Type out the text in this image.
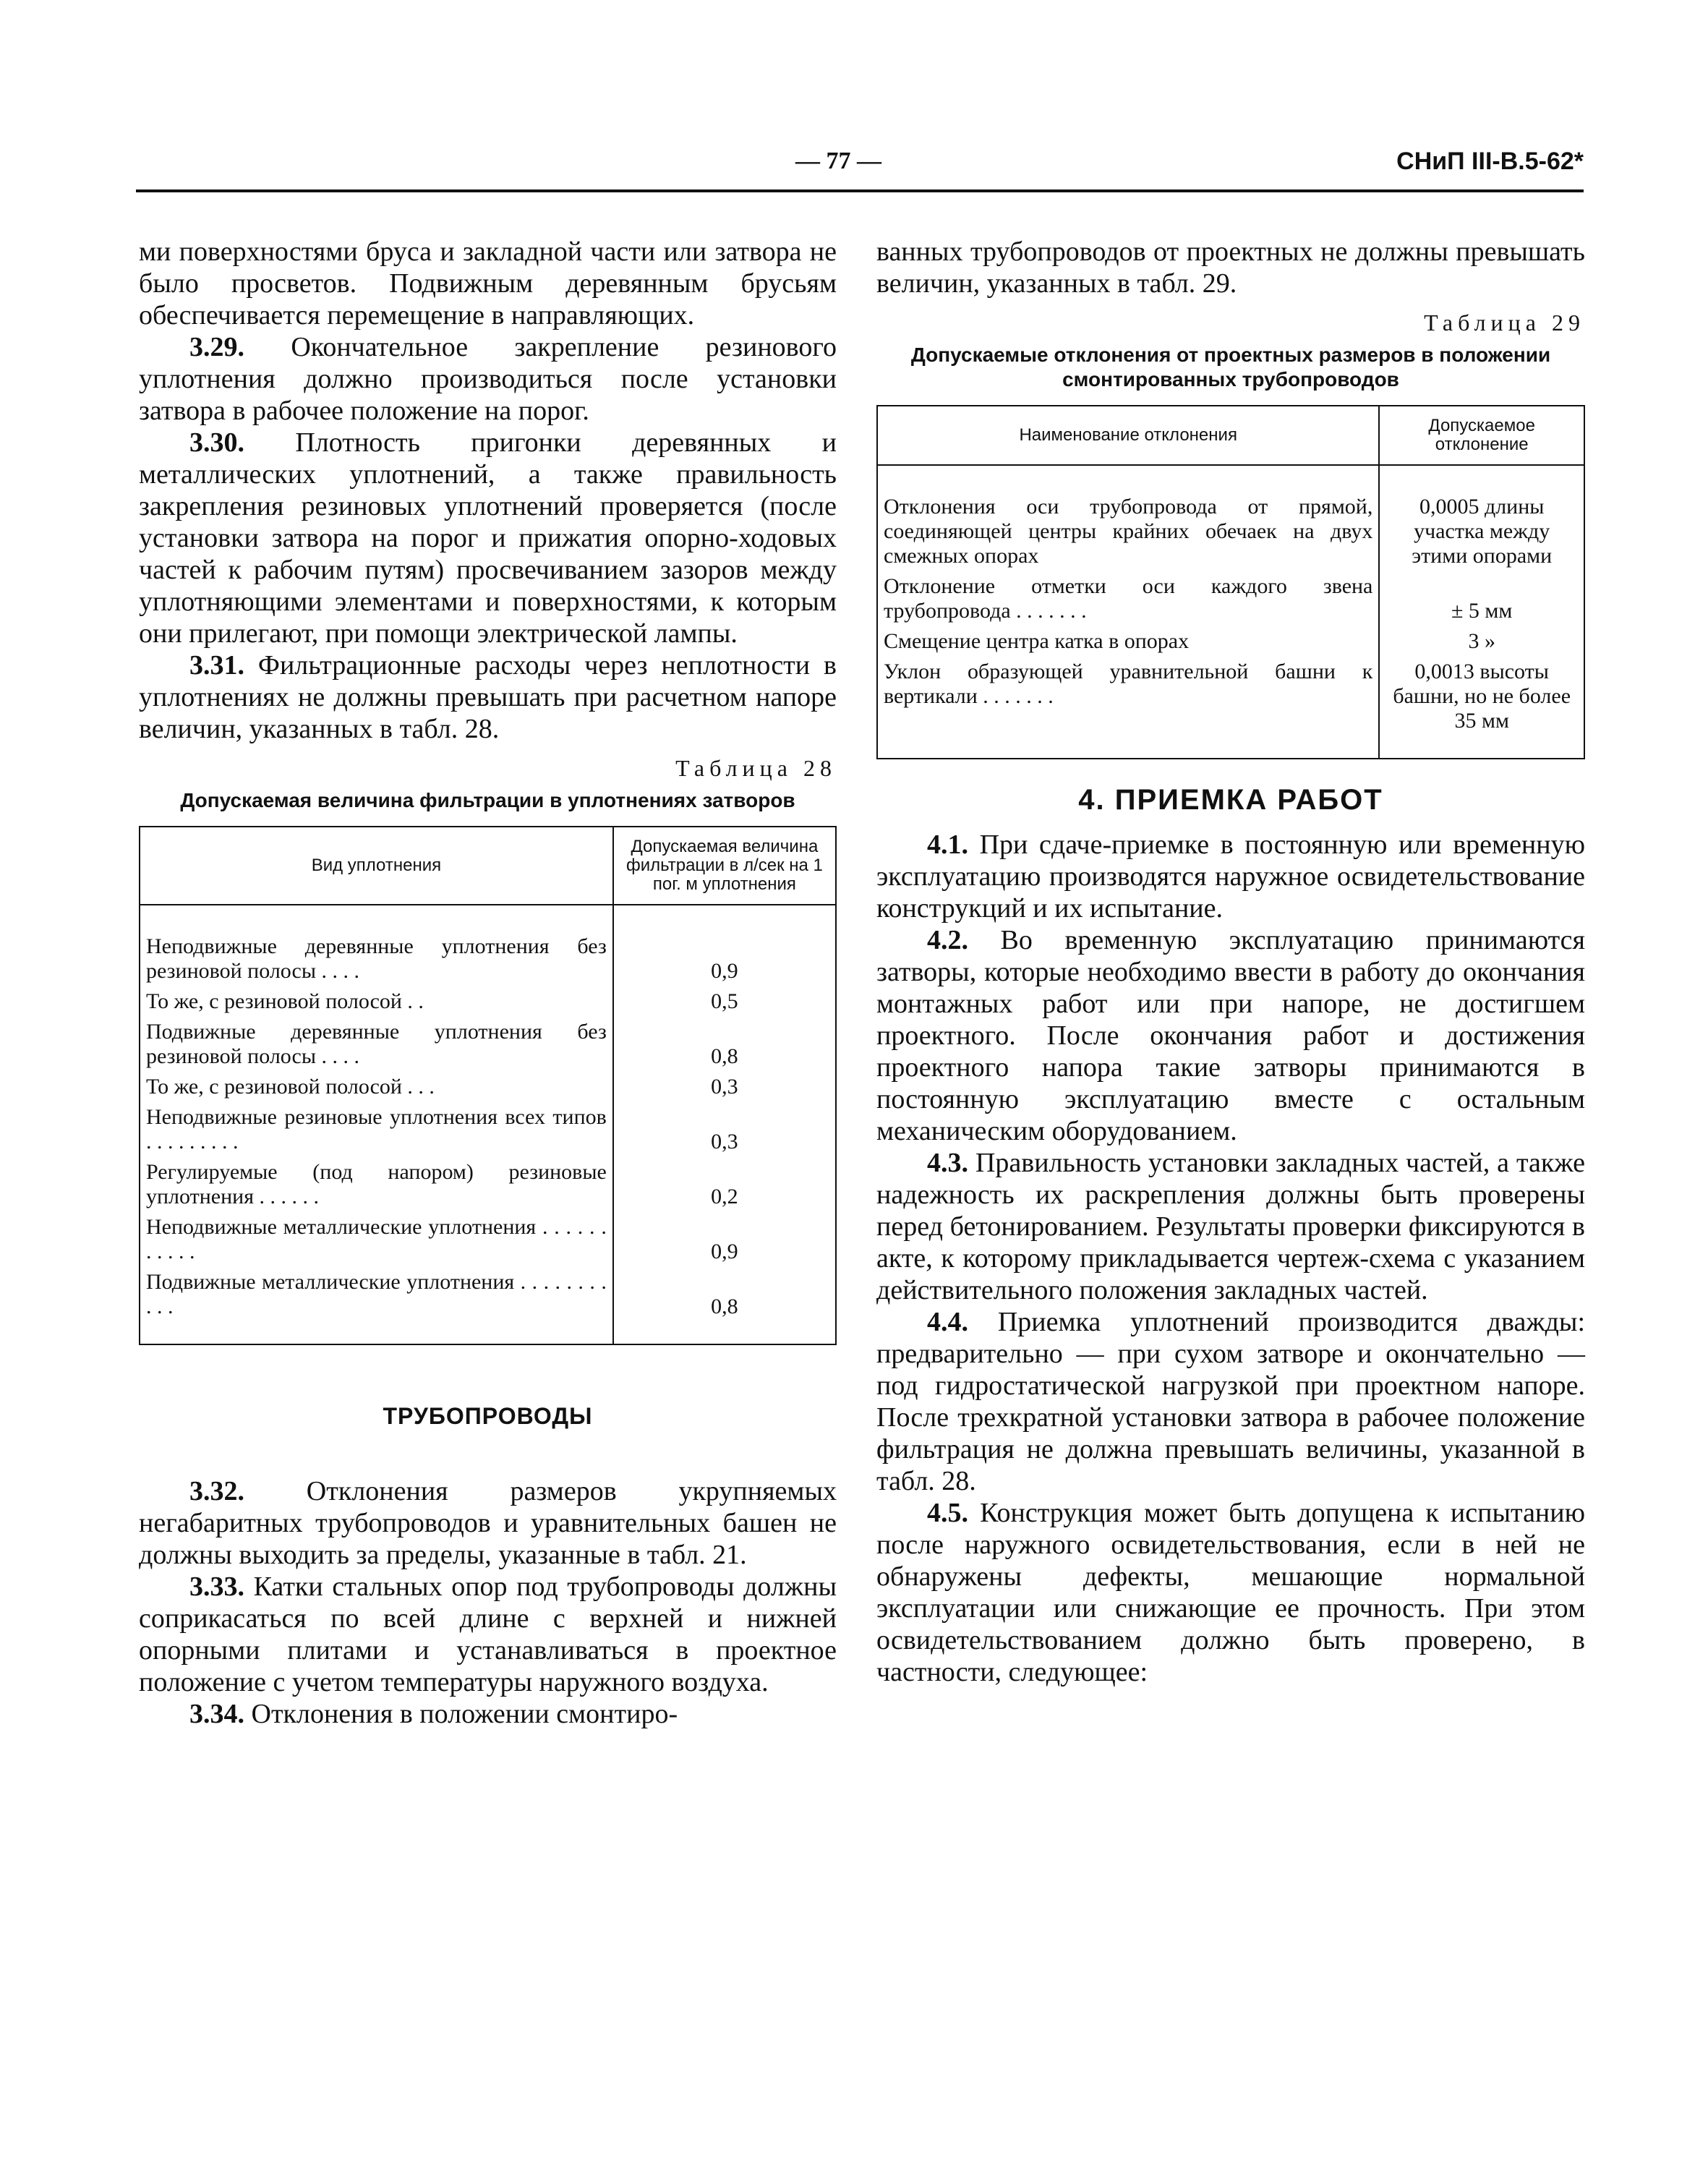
— 77 —	СНиП III-В.5-62*

ми поверхностями бруса и закладной части или затвора не было просветов. Подвижным деревянным брусьям обеспечивается перемещение в направляющих.

3.29. Окончательное закрепление резинового уплотнения должно производиться после установки затвора в рабочее положение на порог.

3.30. Плотность пригонки деревянных и металлических уплотнений, а также правильность закрепления резиновых уплотнений проверяется (после установки затвора на порог и прижатия опорно-ходовых частей к рабочим путям) просвечиванием зазоров между уплотняющими элементами и поверхностями, к которым они прилегают, при помощи электрической лампы.

3.31. Фильтрационные расходы через неплотности в уплотнениях не должны превышать при расчетном напоре величин, указанных в табл. 28.

Таблица 28
Допускаемая величина фильтрации в уплотнениях затворов
Вид уплотнения	Допускаемая величина фильтрации в л/сек на 1 пог. м уплотнения
Неподвижные деревянные уплотнения без резиновой полосы . . . .	0,9
То же, с резиновой полосой . .	0,5
Подвижные деревянные уплотнения без резиновой полосы . . . .	0,8
То же, с резиновой полосой . . .	0,3
Неподвижные резиновые уплотнения всех типов . . . . . . . . .	0,3
Регулируемые (под напором) резиновые уплотнения . . . . . .	0,2
Неподвижные металлические уплотнения . . . . . . . . . . .	0,9
Подвижные металлические уплотнения . . . . . . . . . . .	0,8
ТРУБОПРОВОДЫ

3.32. Отклонения размеров укрупняемых негабаритных трубопроводов и уравнительных башен не должны выходить за пределы, указанные в табл. 21.

3.33. Катки стальных опор под трубопроводы должны соприкасаться по всей длине с верхней и нижней опорными плитами и устанавливаться в проектное положение с учетом температуры наружного воздуха.

3.34. Отклонения в положении смонтиро-

ванных трубопроводов от проектных не должны превышать величин, указанных в табл. 29.

Таблица 29
Допускаемые отклонения от проектных размеров в положении смонтированных трубопроводов
Наименование отклонения	Допускаемое отклонение
Отклонения оси трубопровода от прямой, соединяющей центры крайних обечаек на двух смежных опорах	0,0005 длины участка между этими опорами
Отклонение отметки оси каждого звена трубопровода . . . . . . .	± 5 мм
Смещение центра катка в опорах	3 »
Уклон образующей уравнительной башни к вертикали . . . . . . .	0,0013 высоты башни, но не более 35 мм
4. ПРИЕМКА РАБОТ

4.1. При сдаче-приемке в постоянную или временную эксплуатацию производятся наружное освидетельствование конструкций и их испытание.

4.2. Во временную эксплуатацию принимаются затворы, которые необходимо ввести в работу до окончания монтажных работ или при напоре, не достигшем проектного. После окончания работ и достижения проектного напора такие затворы принимаются в постоянную эксплуатацию вместе с остальным механическим оборудованием.

4.3. Правильность установки закладных частей, а также надежность их раскрепления должны быть проверены перед бетонированием. Результаты проверки фиксируются в акте, к которому прикладывается чертеж-схема с указанием действительного положения закладных частей.

4.4. Приемка уплотнений производится дважды: предварительно — при сухом затворе и окончательно — под гидростатической нагрузкой при проектном напоре. После трехкратной установки затвора в рабочее положение фильтрация не должна превышать величины, указанной в табл. 28.

4.5. Конструкция может быть допущена к испытанию после наружного освидетельствования, если в ней не обнаружены дефекты, мешающие нормальной эксплуатации или снижающие ее прочность. При этом освидетельствованием должно быть проверено, в частности, следующее:
